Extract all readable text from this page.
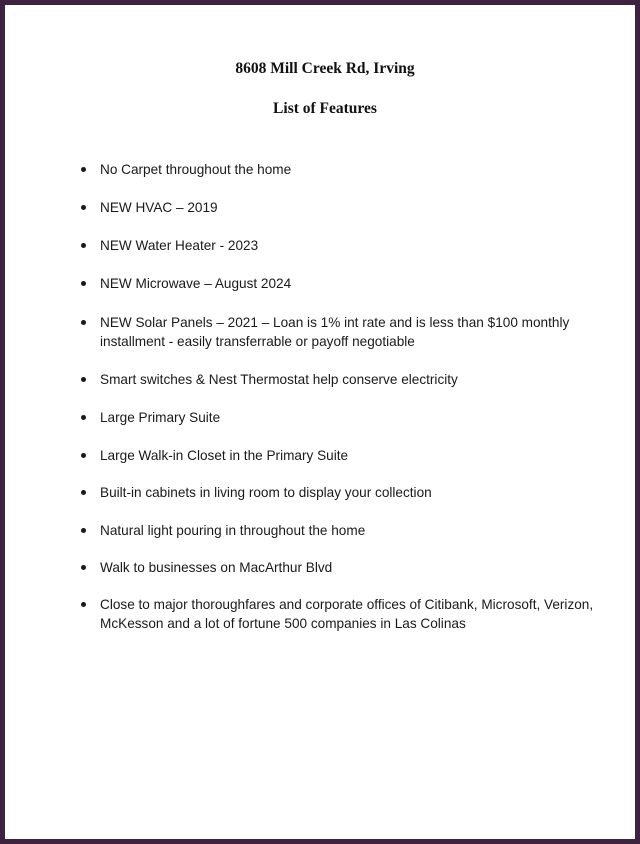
8608 Mill Creek Rd, Irving
List of Features
No Carpet throughout the home
NEW HVAC – 2019
NEW Water Heater - 2023
NEW Microwave – August 2024
NEW Solar Panels – 2021 – Loan is 1% int rate and is less than $100 monthly installment - easily transferrable or payoff negotiable
Smart switches & Nest Thermostat help conserve electricity
Large Primary Suite
Large Walk-in Closet in the Primary Suite
Built-in cabinets in living room to display your collection
Natural light pouring in throughout the home
Walk to businesses on MacArthur Blvd
Close to major thoroughfares and corporate offices of Citibank, Microsoft, Verizon, McKesson and a lot of fortune 500 companies in Las Colinas
